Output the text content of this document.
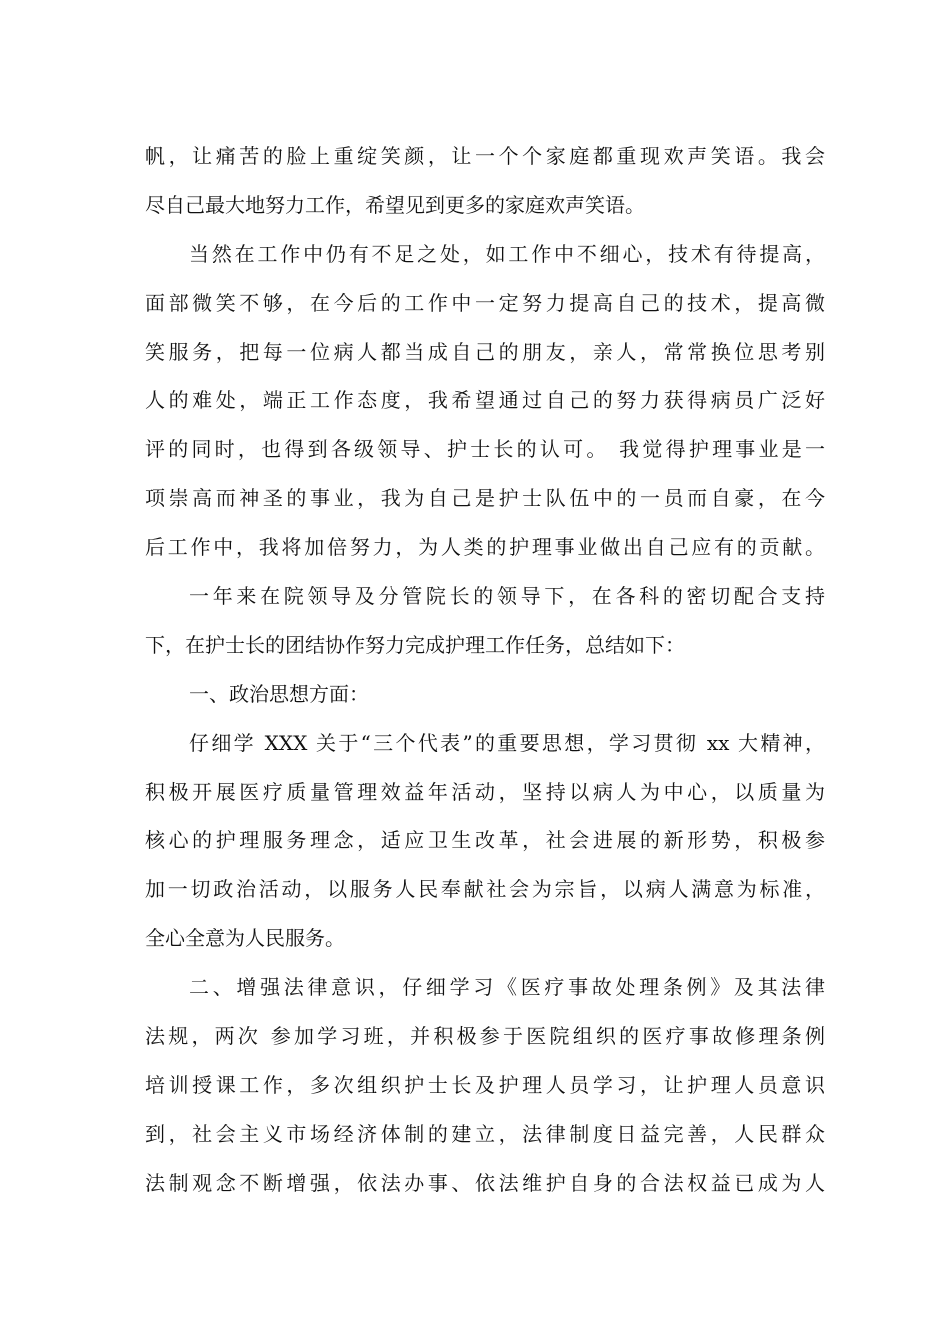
帆，让痛苦的脸上重绽笑颜，让一个个家庭都重现欢声笑语。我会
尽自己最大地努力工作，希望见到更多的家庭欢声笑语。
当然在工作中仍有不足之处，如工作中不细心，技术有待提高，
面部微笑不够，在今后的工作中一定努力提高自己的技术，提高微
笑服务，把每一位病人都当成自己的朋友，亲人，常常换位思考别
人的难处，端正工作态度，我希望通过自己的努力获得病员广泛好
评的同时，也得到各级领导、护士长的认可。 我觉得护理事业是一
项崇高而神圣的事业，我为自己是护士队伍中的一员而自豪，在今
后工作中，我将加倍努力，为人类的护理事业做出自己应有的贡献。
一年来在院领导及分管院长的领导下，在各科的密切配合支持
下，在护士长的团结协作努力完成护理工作任务，总结如下：
一、政治思想方面：
仔细学 XXX 关于“三个代表”的重要思想，学习贯彻 xx 大精神，
积极开展医疗质量管理效益年活动，坚持以病人为中心，以质量为
核心的护理服务理念，适应卫生改革，社会进展的新形势，积极参
加一切政治活动，以服务人民奉献社会为宗旨，以病人满意为标准，
全心全意为人民服务。
二、增强法律意识，仔细学习《医疗事故处理条例》及其法律
法规，两次 参加学习班，并积极参于医院组织的医疗事故修理条例
培训授课工作，多次组织护士长及护理人员学习，让护理人员意识
到，社会主义市场经济体制的建立，法律制度日益完善，人民群众
法制观念不断增强，依法办事、依法维护自身的合法权益已成为人
